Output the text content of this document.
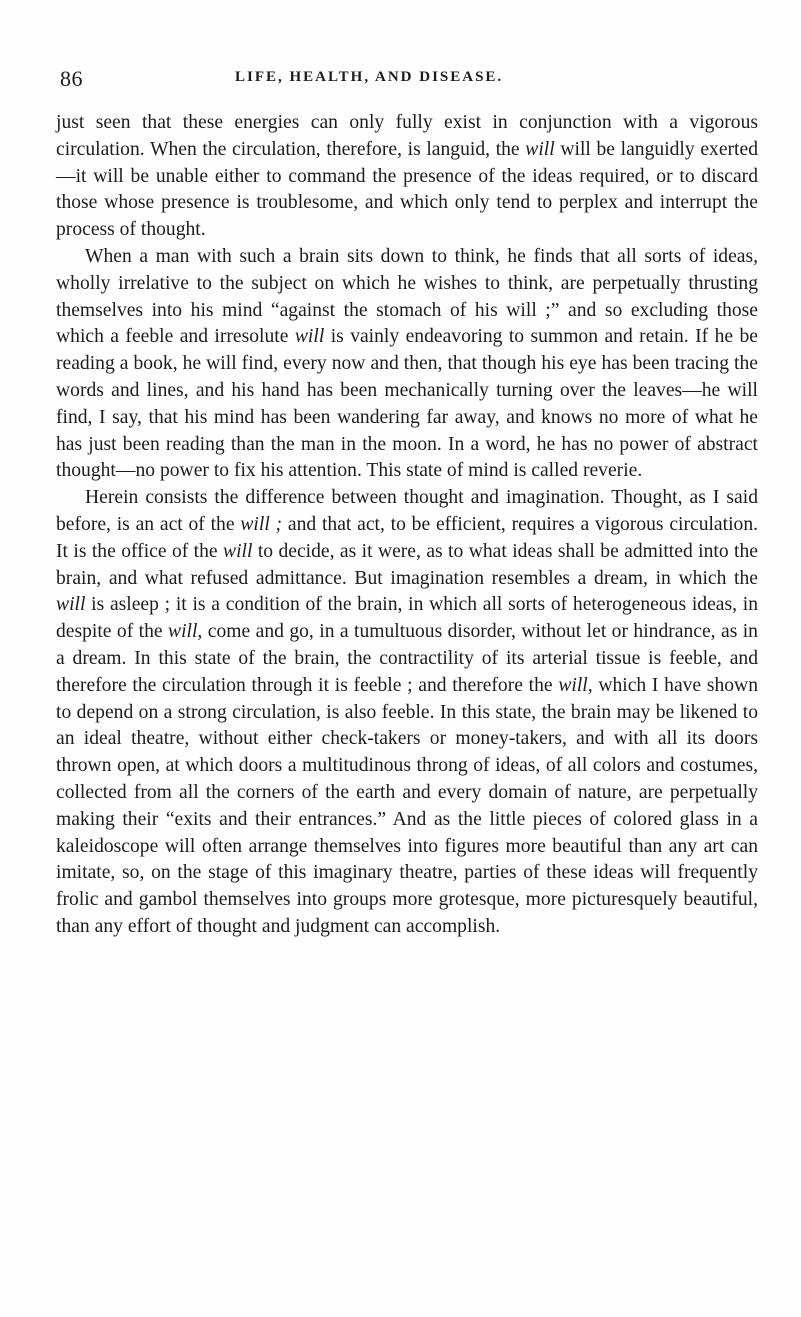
86	LIFE, HEALTH, AND DISEASE.

just seen that these energies can only fully exist in conjunction with a vigorous circulation. When the circulation, therefore, is languid, the will will be languidly exerted—it will be unable either to command the presence of the ideas required, or to discard those whose presence is troublesome, and which only tend to perplex and interrupt the process of thought.

When a man with such a brain sits down to think, he finds that all sorts of ideas, wholly irrelative to the subject on which he wishes to think, are perpetually thrusting themselves into his mind “against the stomach of his will ;” and so excluding those which a feeble and irresolute will is vainly endeavoring to summon and retain. If he be reading a book, he will find, every now and then, that though his eye has been tracing the words and lines, and his hand has been mechanically turning over the leaves—he will find, I say, that his mind has been wandering far away, and knows no more of what he has just been reading than the man in the moon. In a word, he has no power of abstract thought—no power to fix his attention. This state of mind is called reverie.

Herein consists the difference between thought and imagination. Thought, as I said before, is an act of the will ; and that act, to be efficient, requires a vigorous circulation. It is the office of the will to decide, as it were, as to what ideas shall be admitted into the brain, and what refused admittance. But imagination resembles a dream, in which the will is asleep ; it is a condition of the brain, in which all sorts of heterogeneous ideas, in despite of the will, come and go, in a tumultuous disorder, without let or hindrance, as in a dream. In this state of the brain, the contractility of its arterial tissue is feeble, and therefore the circulation through it is feeble ; and therefore the will, which I have shown to depend on a strong circulation, is also feeble. In this state, the brain may be likened to an ideal theatre, without either check-takers or money-takers, and with all its doors thrown open, at which doors a multitudinous throng of ideas, of all colors and costumes, collected from all the corners of the earth and every domain of nature, are perpetually making their “exits and their entrances.” And as the little pieces of colored glass in a kaleidoscope will often arrange themselves into figures more beautiful than any art can imitate, so, on the stage of this imaginary theatre, parties of these ideas will frequently frolic and gambol themselves into groups more grotesque, more picturesquely beautiful, than any effort of thought and judgment can accomplish.
